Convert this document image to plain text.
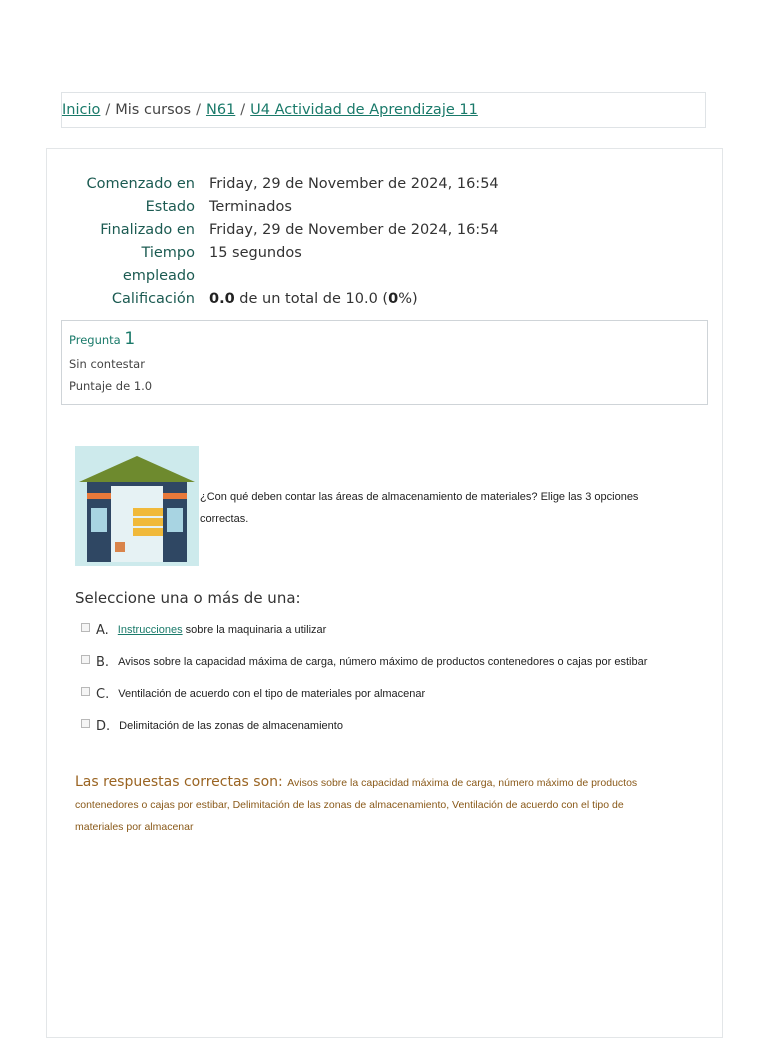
Inicio / Mis cursos / N61 / U4 Actividad de Aprendizaje 11
Comenzado en Friday, 29 de November de 2024, 16:54
Estado Terminados
Finalizado en Friday, 29 de November de 2024, 16:54
Tiempo
empleado
15 segundos
Calificación 0.0 de un total de 10.0 (0%)
Pregunta 1
Sin contestar
Puntaje de 1.0
¿Con qué deben contar las áreas de almacenamiento de materiales? Elige las 3 opciones correctas.
Seleccione una o más de una:
A. Instrucciones sobre la maquinaria a utilizar
B. Avisos sobre la capacidad máxima de carga, número máximo de productos contenedores o cajas por estibar
C. Ventilación de acuerdo con el tipo de materiales por almacenar
D. Delimitación de las zonas de almacenamiento
Las respuestas correctas son: Avisos sobre la capacidad máxima de carga, número máximo de productos contenedores o cajas por estibar, Delimitación de las zonas de almacenamiento, Ventilación de acuerdo con el tipo de materiales por almacenar
